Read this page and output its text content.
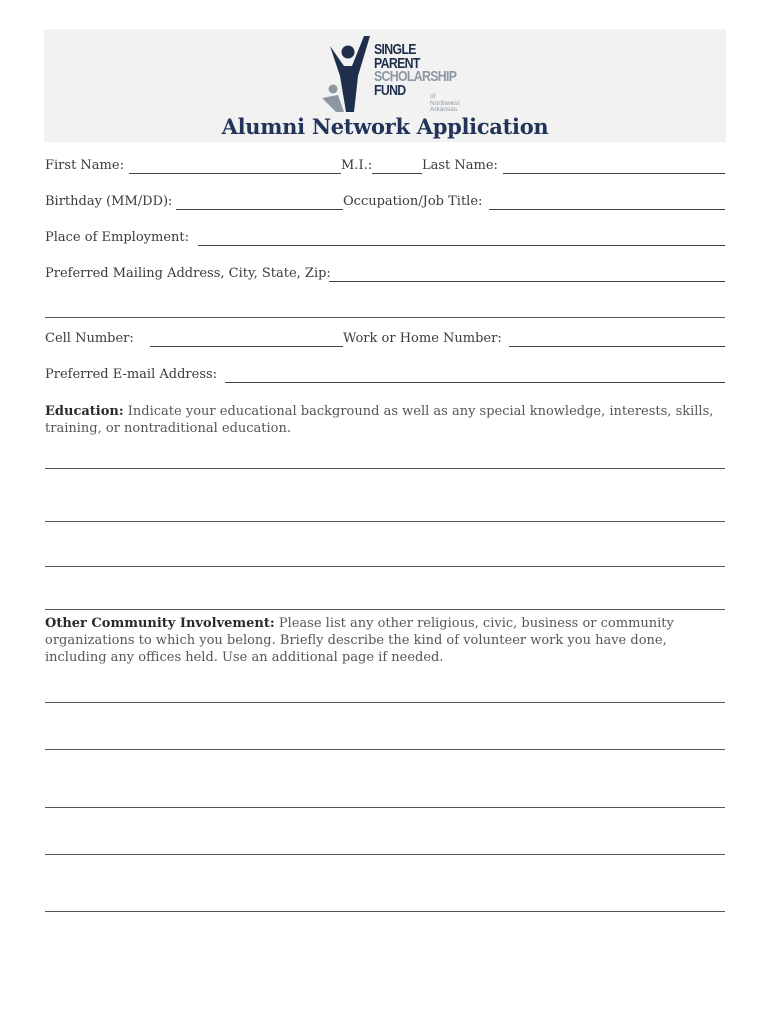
SINGLE
PARENT
SCHOLARSHIP
FUND	of
Northwest
Arkansas
Alumni Network Application
First Name:	M.I.:	Last Name:
Birthday (MM/DD):	Occupation/Job Title:
Place of Employment:
Preferred Mailing Address, City, State, Zip:
Cell Number:	Work or Home Number:
Preferred E-mail Address:
Education: Indicate your educational background as well as any special knowledge, interests, skills, training, or nontraditional education.
Other Community Involvement: Please list any other religious, civic, business or community organizations to which you belong. Briefly describe the kind of volunteer work you have done, including any offices held. Use an additional page if needed.
